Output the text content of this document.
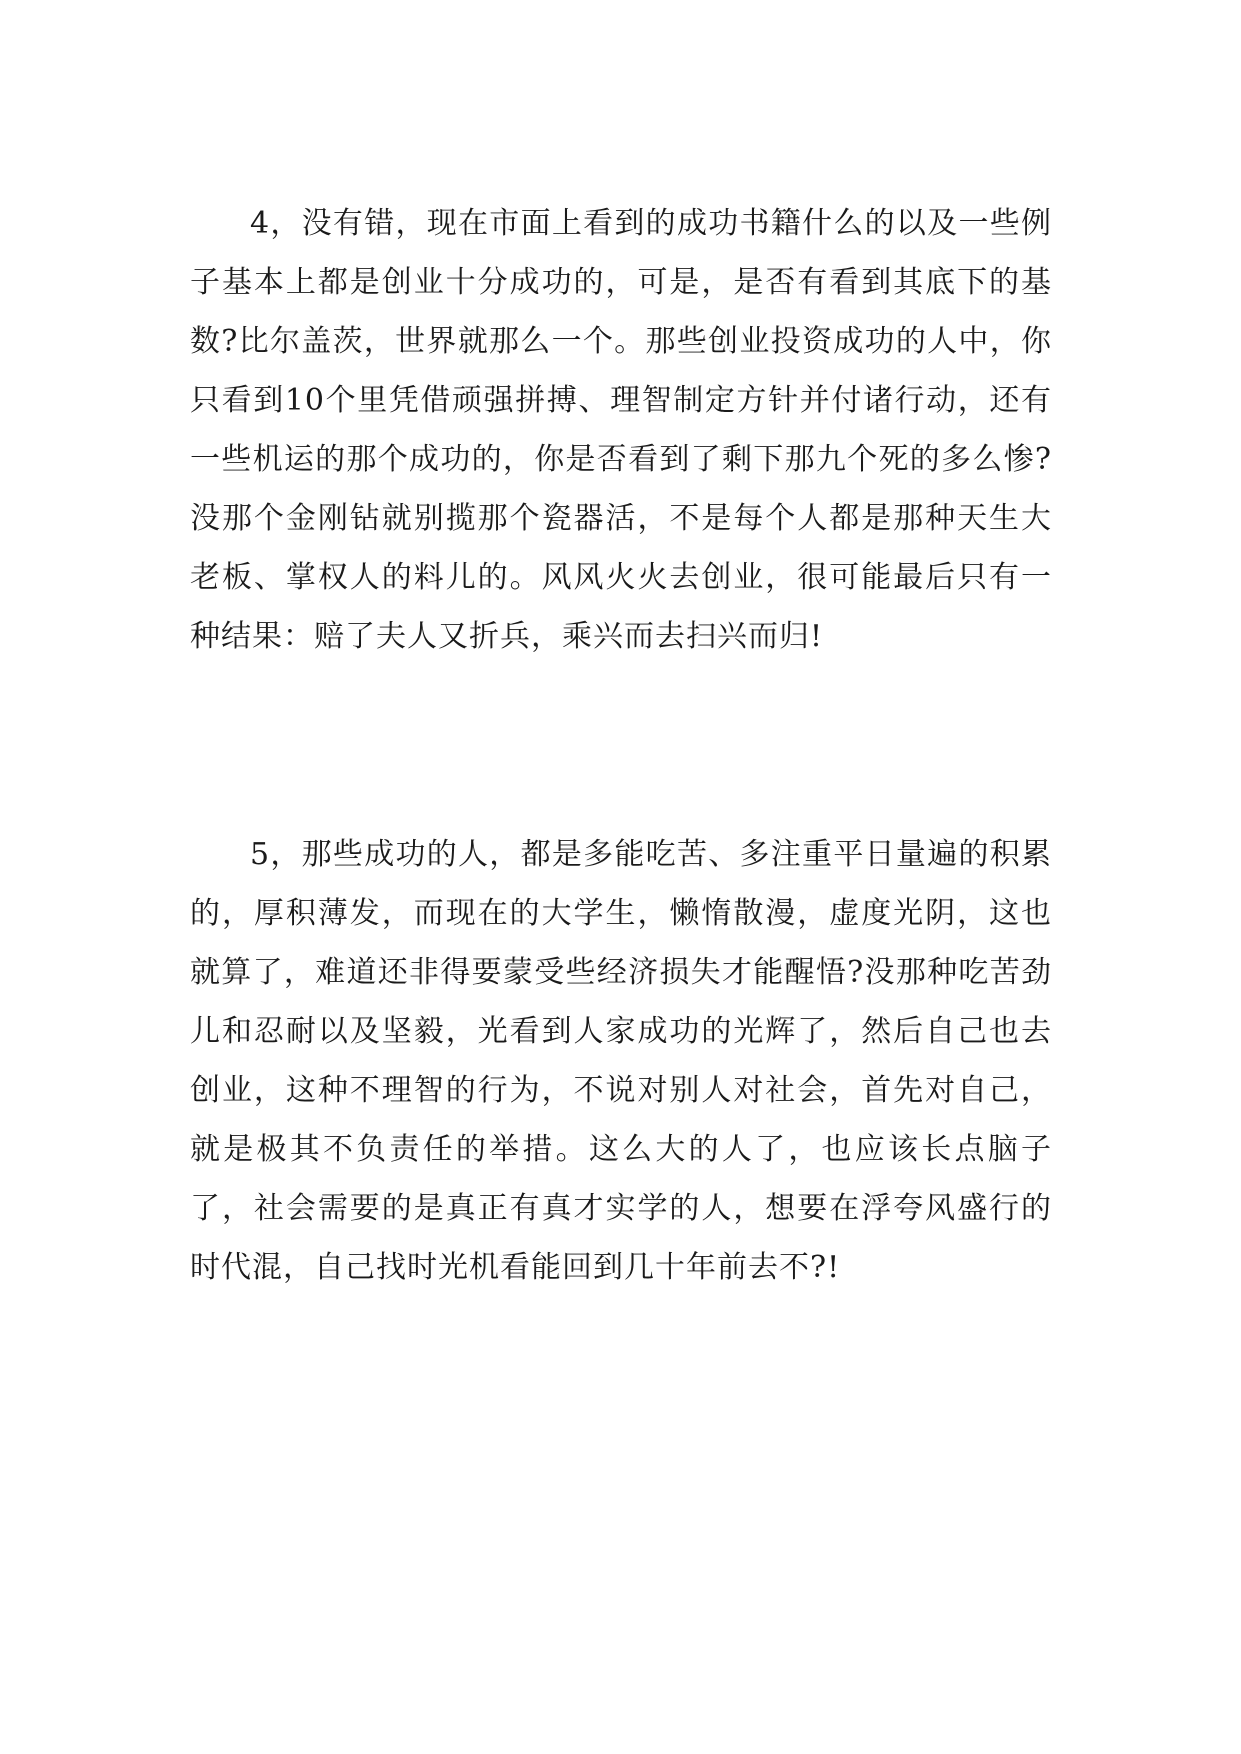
4，没有错，现在市面上看到的成功书籍什么的以及一些例子基本上都是创业十分成功的，可是，是否有看到其底下的基数?比尔盖茨，世界就那么一个。那些创业投资成功的人中，你只看到10个里凭借顽强拼搏、理智制定方针并付诸行动，还有一些机运的那个成功的，你是否看到了剩下那九个死的多么惨?没那个金刚钻就别揽那个瓷器活，不是每个人都是那种天生大老板、掌权人的料儿的。风风火火去创业，很可能最后只有一种结果：赔了夫人又折兵，乘兴而去扫兴而归!

5，那些成功的人，都是多能吃苦、多注重平日量遍的积累的，厚积薄发，而现在的大学生，懒惰散漫，虚度光阴，这也就算了，难道还非得要蒙受些经济损失才能醒悟?没那种吃苦劲儿和忍耐以及坚毅，光看到人家成功的光辉了，然后自己也去创业，这种不理智的行为，不说对别人对社会，首先对自己，就是极其不负责任的举措。这么大的人了，也应该长点脑子了，社会需要的是真正有真才实学的人，想要在浮夸风盛行的时代混，自己找时光机看能回到几十年前去不?!
